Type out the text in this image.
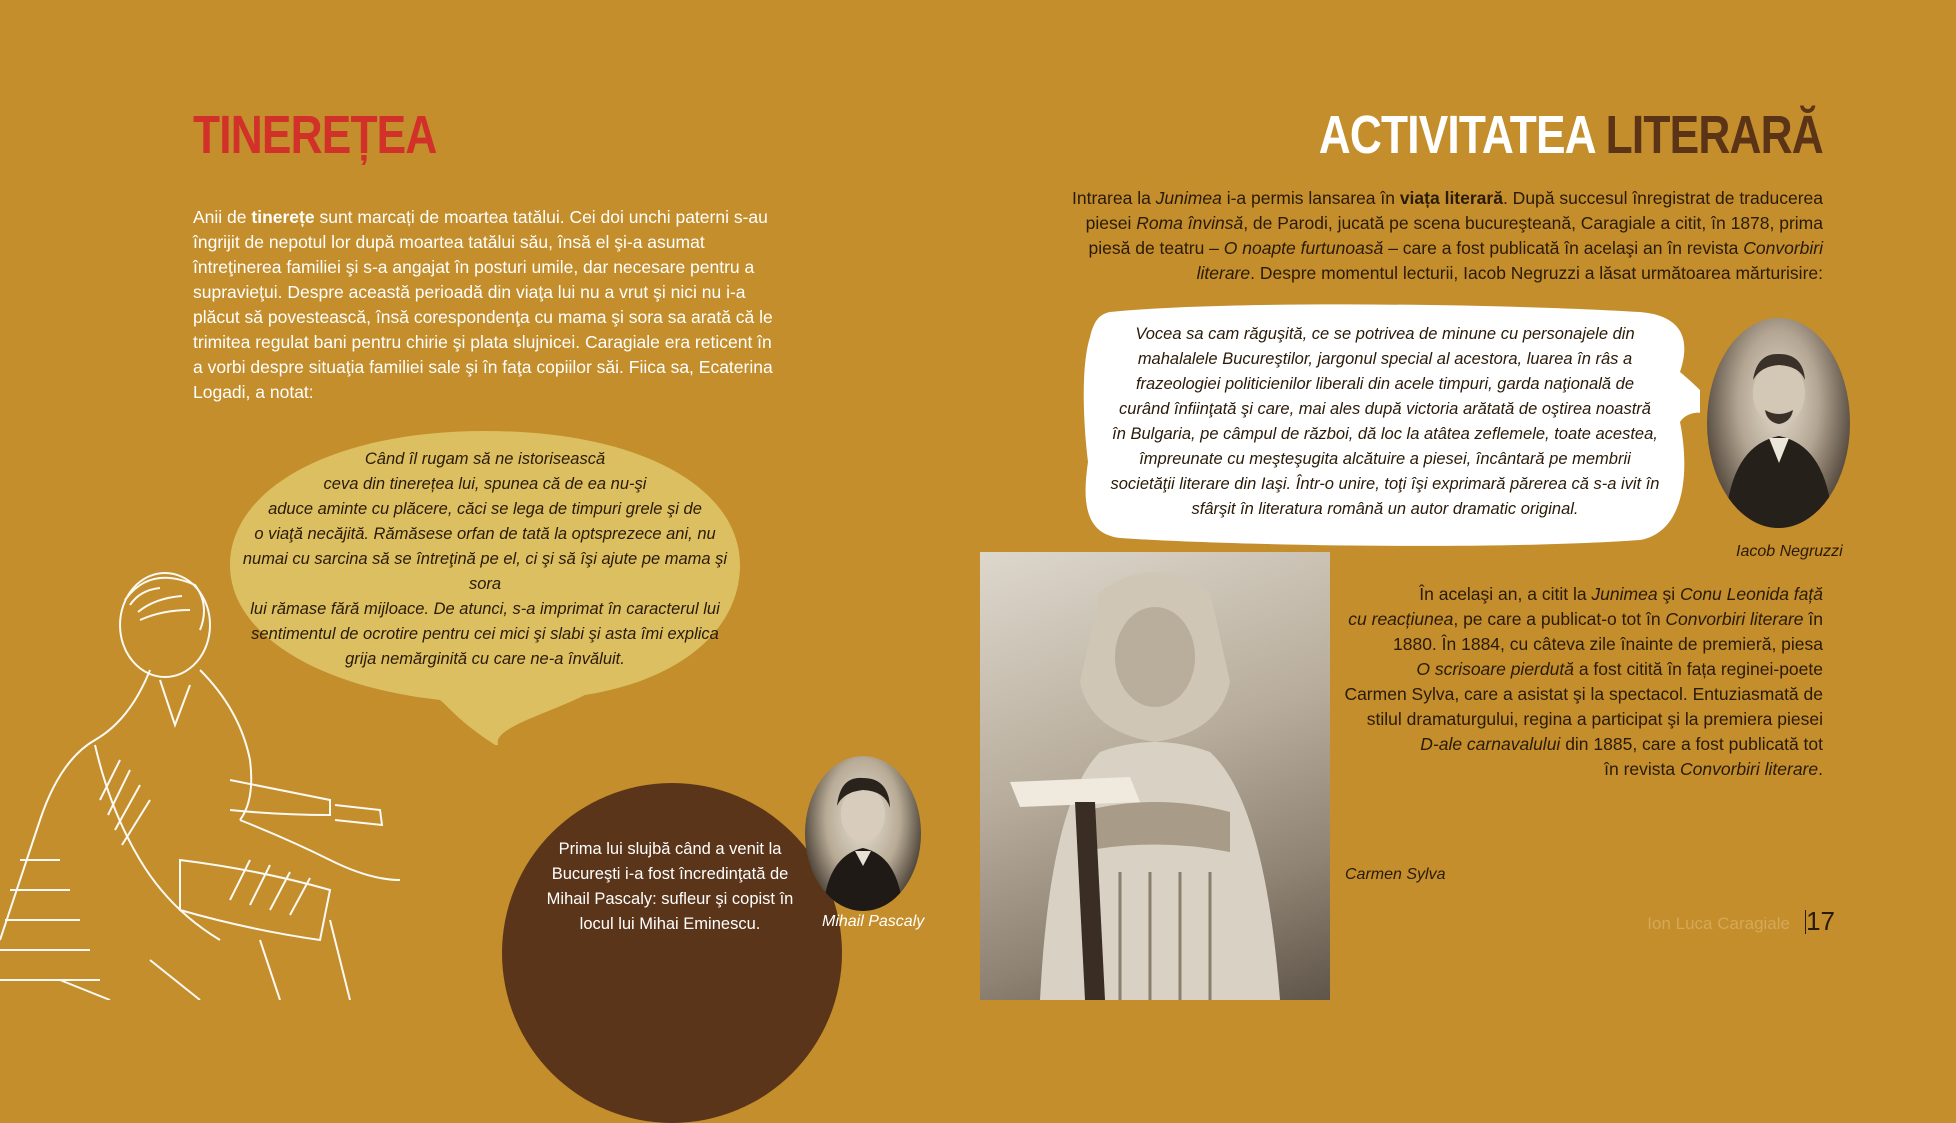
TINEREȚEA
Anii de tinerețe sunt marcați de moartea tatălui. Cei doi unchi paterni s-au îngrijit de nepotul lor după moartea tatălui său, însă el şi-a asumat întreţinerea familiei şi s-a angajat în posturi umile, dar necesare pentru a supravieţui. Despre această perioadă din viaţa lui nu a vrut şi nici nu i-a plăcut să povestească, însă corespondenţa cu mama şi sora sa arată că le trimitea regulat bani pentru chirie şi plata slujnicei. Caragiale era reticent în a vorbi despre situaţia familiei sale şi în faţa copiilor săi. Fiica sa, Ecaterina Logadi, a notat:
Când îl rugam să ne istorisească
ceva din tinerețea lui, spunea că de ea nu-şi
aduce aminte cu plăcere, căci se lega de timpuri grele şi de
o viaţă necăjită. Rămăsese orfan de tată la optsprezece ani, nu
numai cu sarcina să se întreţină pe el, ci şi să îşi ajute pe mama şi sora
lui rămase fără mijloace. De atunci, s-a imprimat în caracterul lui
sentimentul de ocrotire pentru cei mici şi slabi şi asta îmi explica
grija nemărginită cu care ne-a învăluit.
Prima lui slujbă când a venit la
Bucureşti i-a fost încredinţată de
Mihail Pascaly: sufleur şi copist în
locul lui Mihai Eminescu.	Mihail Pascaly
ACTIVITATEA LITERARĂ
Intrarea la Junimea i-a permis lansarea în viața literară. După succesul înregistrat de traducerea piesei Roma învinsă, de Parodi, jucată pe scena bucureşteană, Caragiale a citit, în 1878, prima piesă de teatru – O noapte furtunoasă – care a fost publicată în acelaşi an în revista Convorbiri literare. Despre momentul lecturii, Iacob Negruzzi a lăsat următoarea mărturisire:
Vocea sa cam răguşită, ce se potrivea de minune cu personajele din
mahalalele Bucureştilor, jargonul special al acestora, luarea în râs a
frazeologiei politicienilor liberali din acele timpuri, garda naţională de
curând înfiinţată şi care, mai ales după victoria arătată de oştirea noastră
în Bulgaria, pe câmpul de război, dă loc la atâtea zeflemele, toate acestea,
împreunate cu meşteşugita alcătuire a piesei, încântară pe membrii
societăţii literare din Iaşi. Într-o unire, toţi îşi exprimară părerea că s-a ivit în
sfârşit în literatura română un autor dramatic original.
Iacob Negruzzi
Carmen Sylva
În acelaşi an, a citit la Junimea şi Conu Leonida față
cu reacțiunea, pe care a publicat-o tot în Convorbiri literare în
1880. În 1884, cu câteva zile înainte de premieră, piesa
O scrisoare pierdută a fost citită în fața reginei-poete
Carmen Sylva, care a asistat şi la spectacol. Entuziasmată de
stilul dramaturgului, regina a participat şi la premiera piesei
D-ale carnavalului din 1885, care a fost publicată tot
în revista Convorbiri literare.
Ion Luca Caragiale 17
